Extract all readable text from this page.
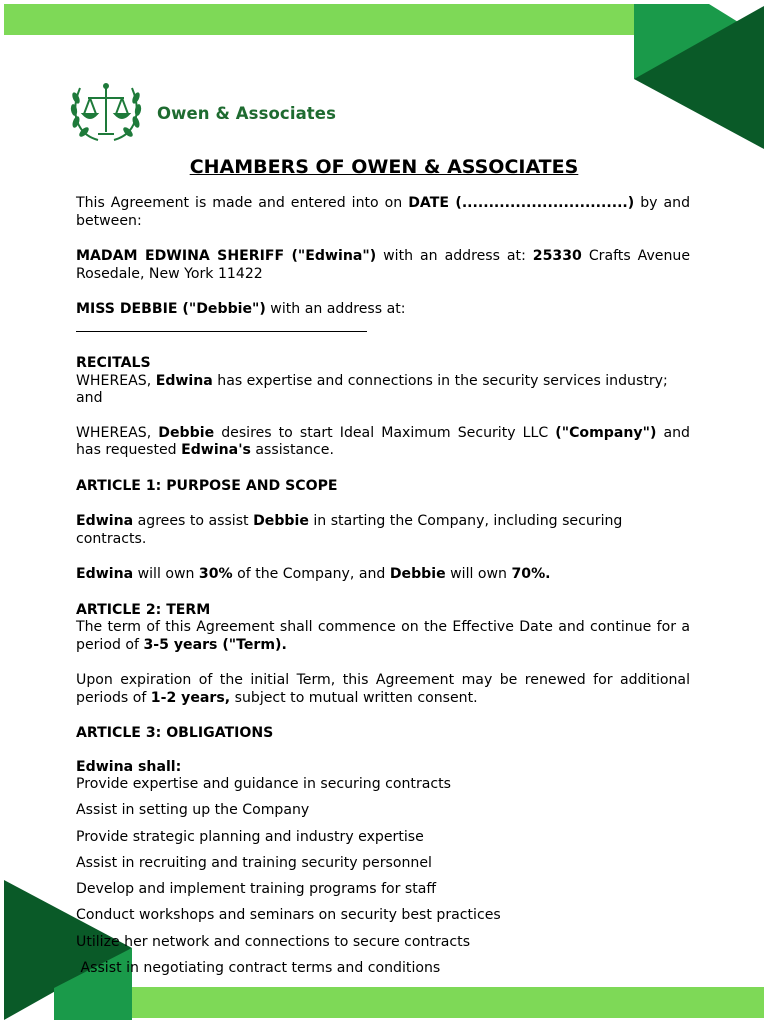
Owen & Associates
CHAMBERS OF OWEN & ASSOCIATES

This Agreement is made and entered into on DATE (...............................) by and between:

MADAM EDWINA SHERIFF ("Edwina") with an address at: 25330 Crafts Avenue Rosedale, New York 11422

MISS DEBBIE ("Debbie") with an address at:

RECITALS

WHEREAS, Edwina has expertise and connections in the security services industry; and

WHEREAS, Debbie desires to start Ideal Maximum Security LLC ("Company") and has requested Edwina's assistance.

ARTICLE 1: PURPOSE AND SCOPE

Edwina agrees to assist Debbie in starting the Company, including securing contracts.

Edwina will own 30% of the Company, and Debbie will own 70%.

ARTICLE 2: TERM

The term of this Agreement shall commence on the Effective Date and continue for a period of 3-5 years ("Term).

Upon expiration of the initial Term, this Agreement may be renewed for additional periods of 1-2 years, subject to mutual written consent.

ARTICLE 3: OBLIGATIONS

Edwina shall:

Provide expertise and guidance in securing contracts

Assist in setting up the Company

Provide strategic planning and industry expertise

Assist in recruiting and training security personnel

Develop and implement training programs for staff

Conduct workshops and seminars on security best practices

Utilize her network and connections to secure contracts

Assist in negotiating contract terms and conditions
